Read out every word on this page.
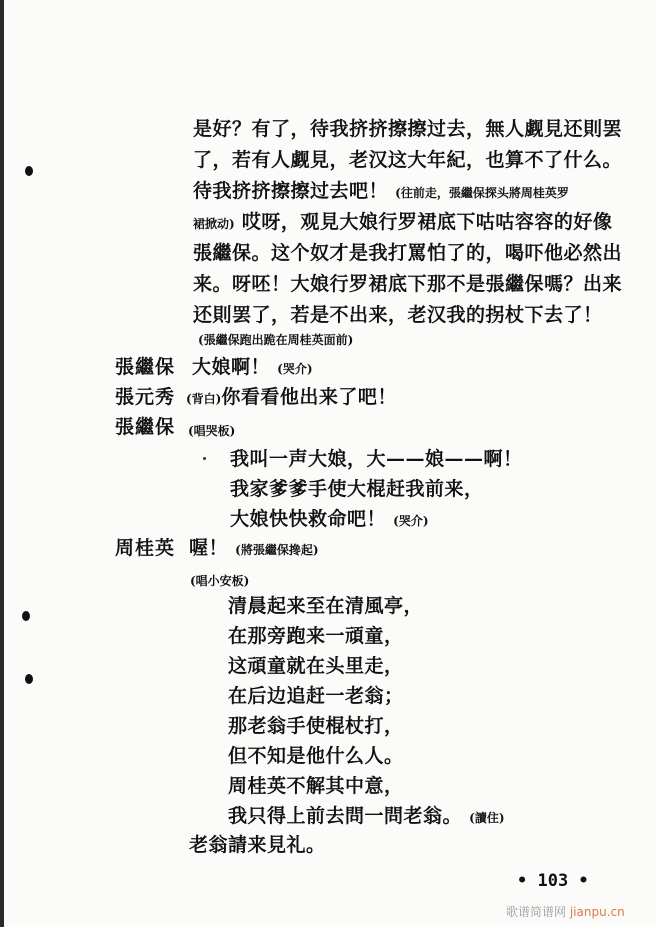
是好？有了，待我挤挤擦擦过去，無人觑見还則罢
了，若有人觑見，老汉这大年紀，也算不了什么。
待我挤挤擦擦过去吧！ (往前走，張繼保探头將周桂英罗
裙掀动) 哎呀，观見大娘行罗裙底下咕咕容容的好像
張繼保。这个奴才是我打罵怕了的，喝吓他必然出
来。呀呸！大娘行罗裙底下那不是張繼保嗎？出来
还則罢了，若是不出来，老汉我的拐杖下去了！
(張繼保跑出跪在周桂英面前)
張繼保 大娘啊！ (哭介)
張元秀 (背白)你看看他出来了吧！
張繼保 (唱哭板)
我叫一声大娘，大——娘——啊！
我家爹爹手使大棍赶我前来，
大娘快快救命吧！ (哭介)
周桂英 喔！ (將張繼保搀起)
(唱小安板)
清晨起来至在清風亭，
在那旁跑来一頑童，
这頑童就在头里走，
在后边追赶一老翁；
那老翁手使棍杖打，
但不知是他什么人。
周桂英不解其中意，
我只得上前去問一問老翁。 (讀住)
老翁請来見礼。
• 103 •
歌谱简谱网 jianpu.cn
